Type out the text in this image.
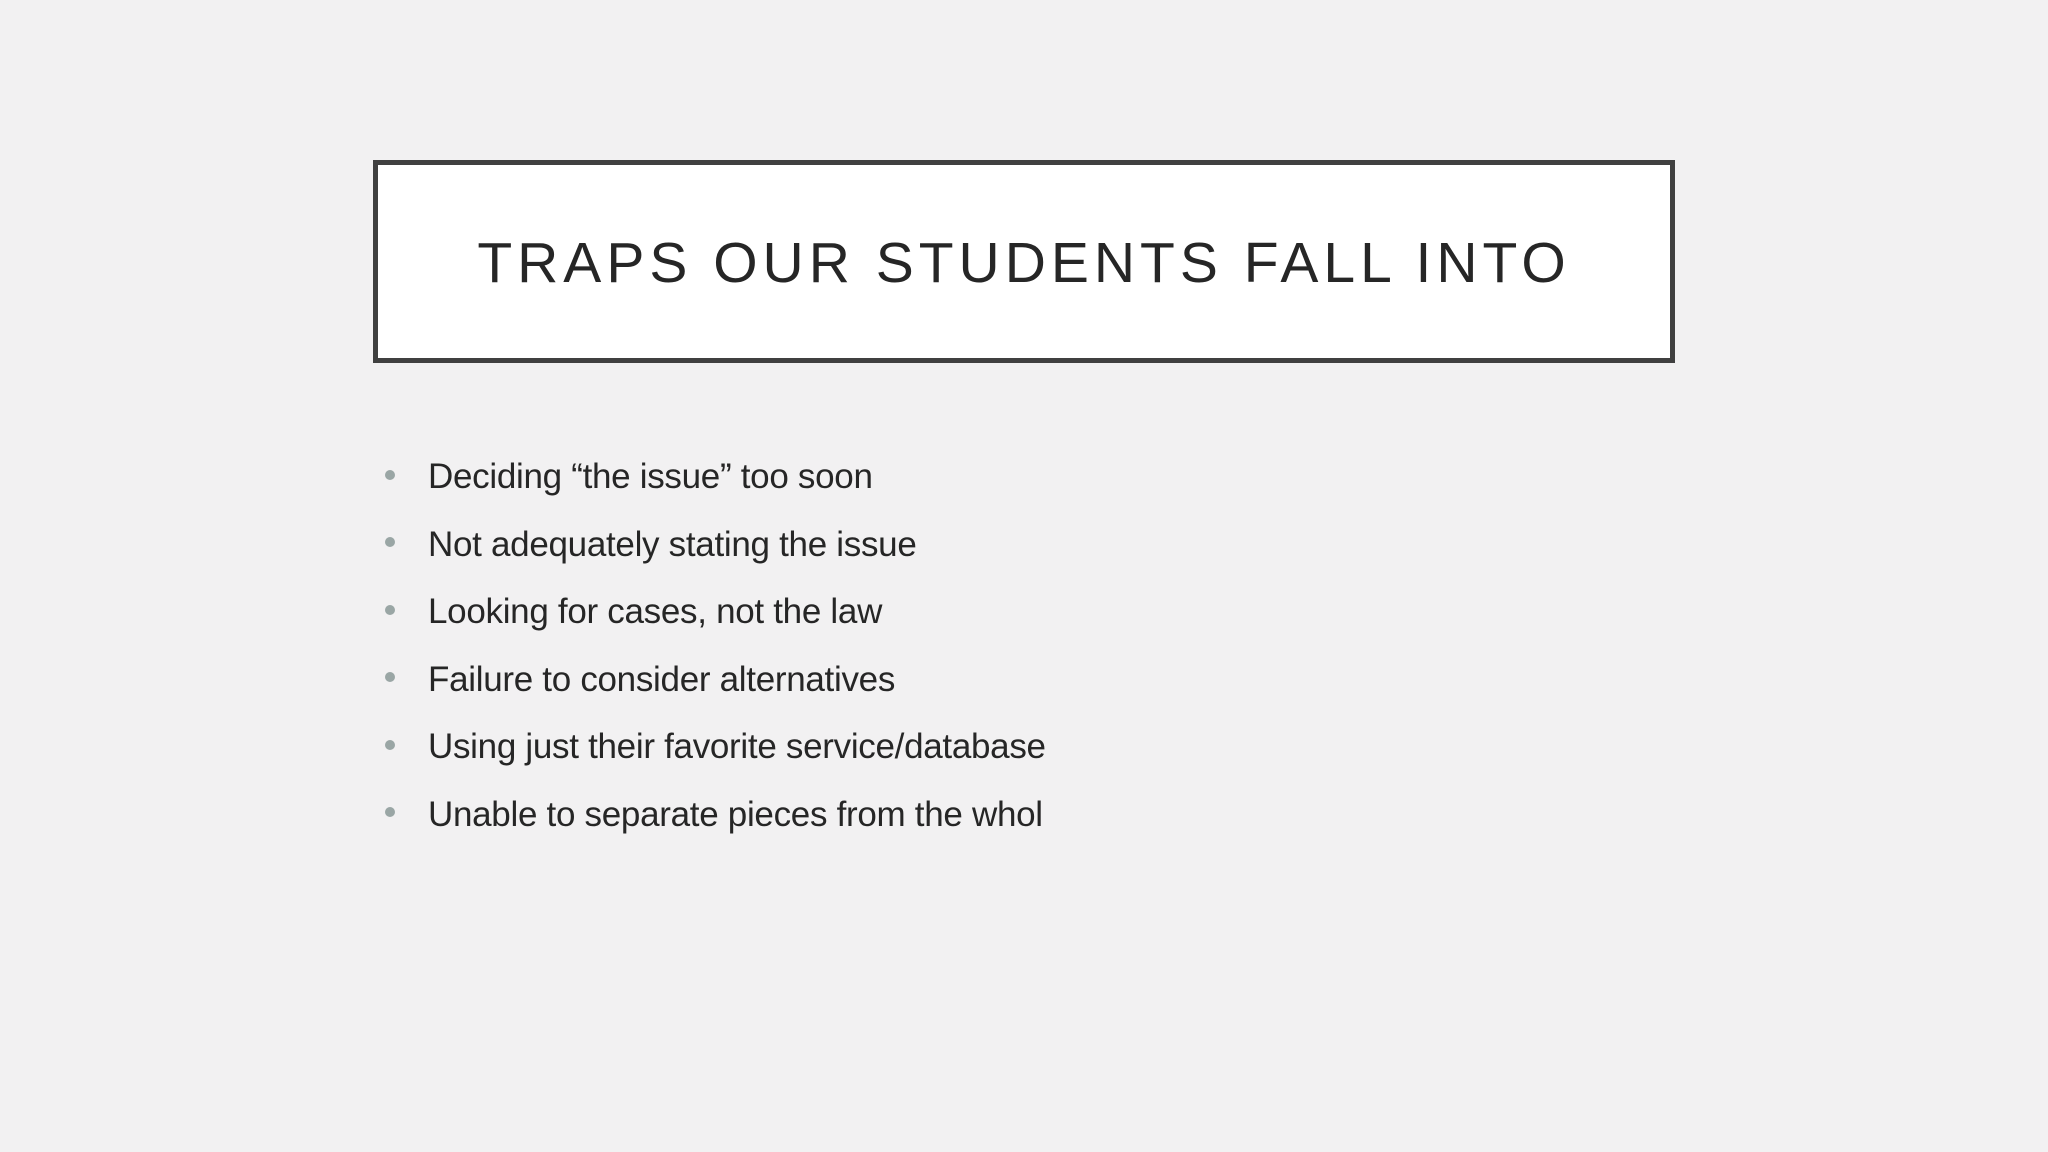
TRAPS OUR STUDENTS FALL INTO
Deciding “the issue” too soon
Not adequately stating the issue
Looking for cases, not the law
Failure to consider alternatives
Using just their favorite service/database
Unable to separate pieces from the whol
